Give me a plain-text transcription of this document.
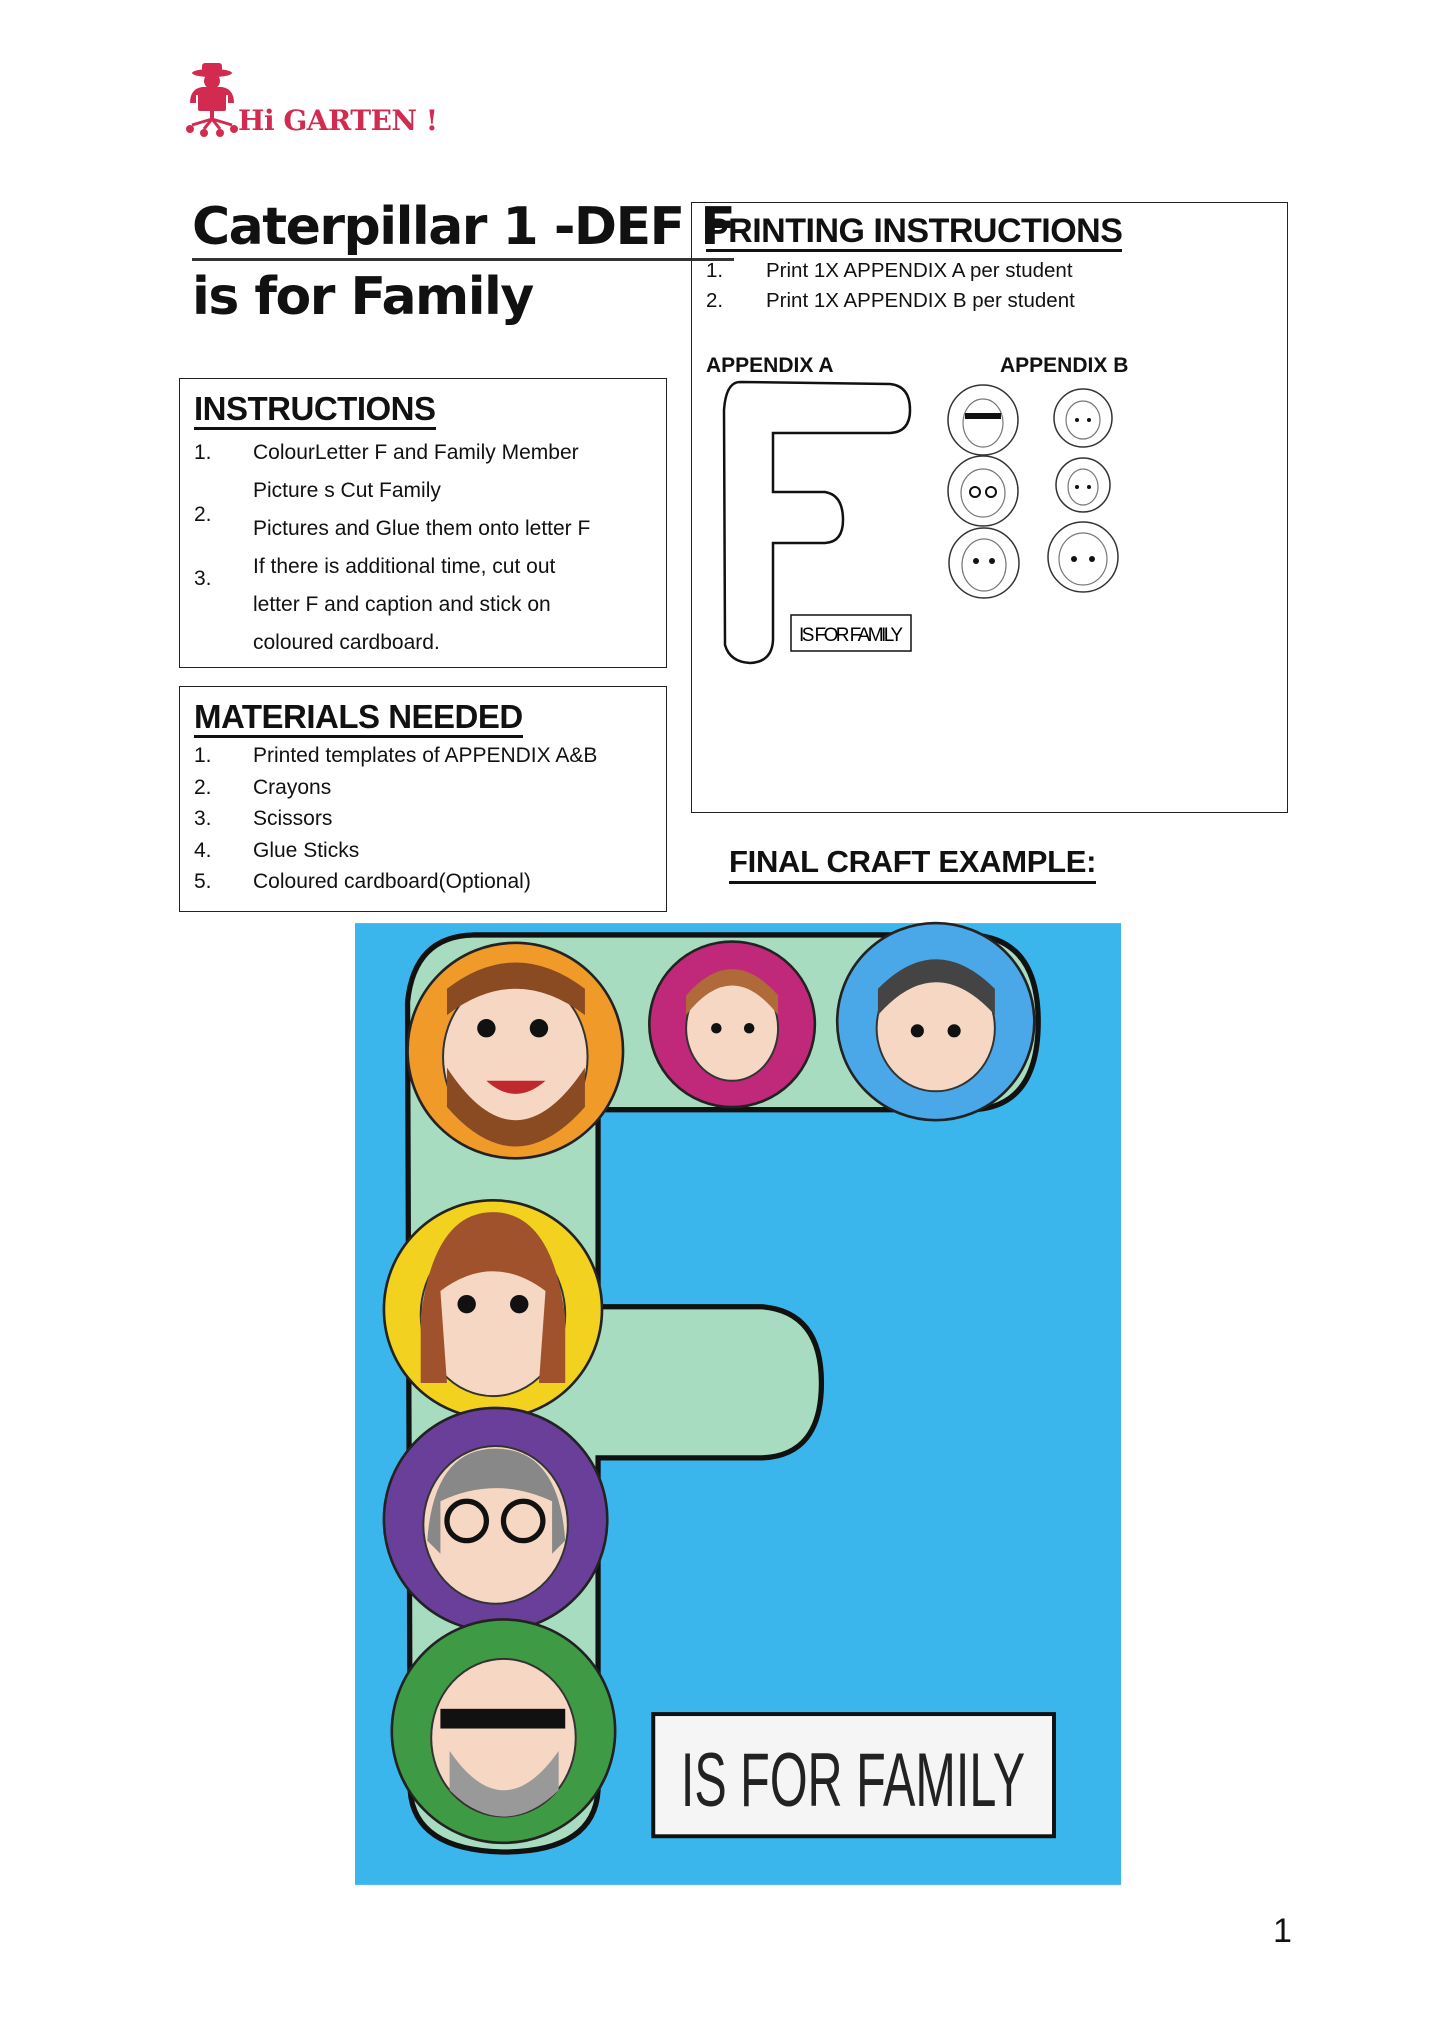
Hi GARTEN !
Caterpillar 1 -DEF F
is for Family
INSTRUCTIONS
1.	ColourLetter F and Family Member
Picture s Cut Family
2.
Pictures and Glue them onto letter F
3.
If there is additional time, cut out
letter F and caption and stick on
coloured cardboard.
MATERIALS NEEDED
1.	Printed templates of APPENDIX A&B
2.	Crayons
3.	Scissors
4.	Glue Sticks
5.	Coloured cardboard(Optional)
PRINTING INSTRUCTIONS
1.	Print 1X APPENDIX A per student
2.	Print 1X APPENDIX B per student
APPENDIX A	APPENDIX B
IS FOR FAMILY
FINAL CRAFT EXAMPLE:
IS FOR FAMILY
1
